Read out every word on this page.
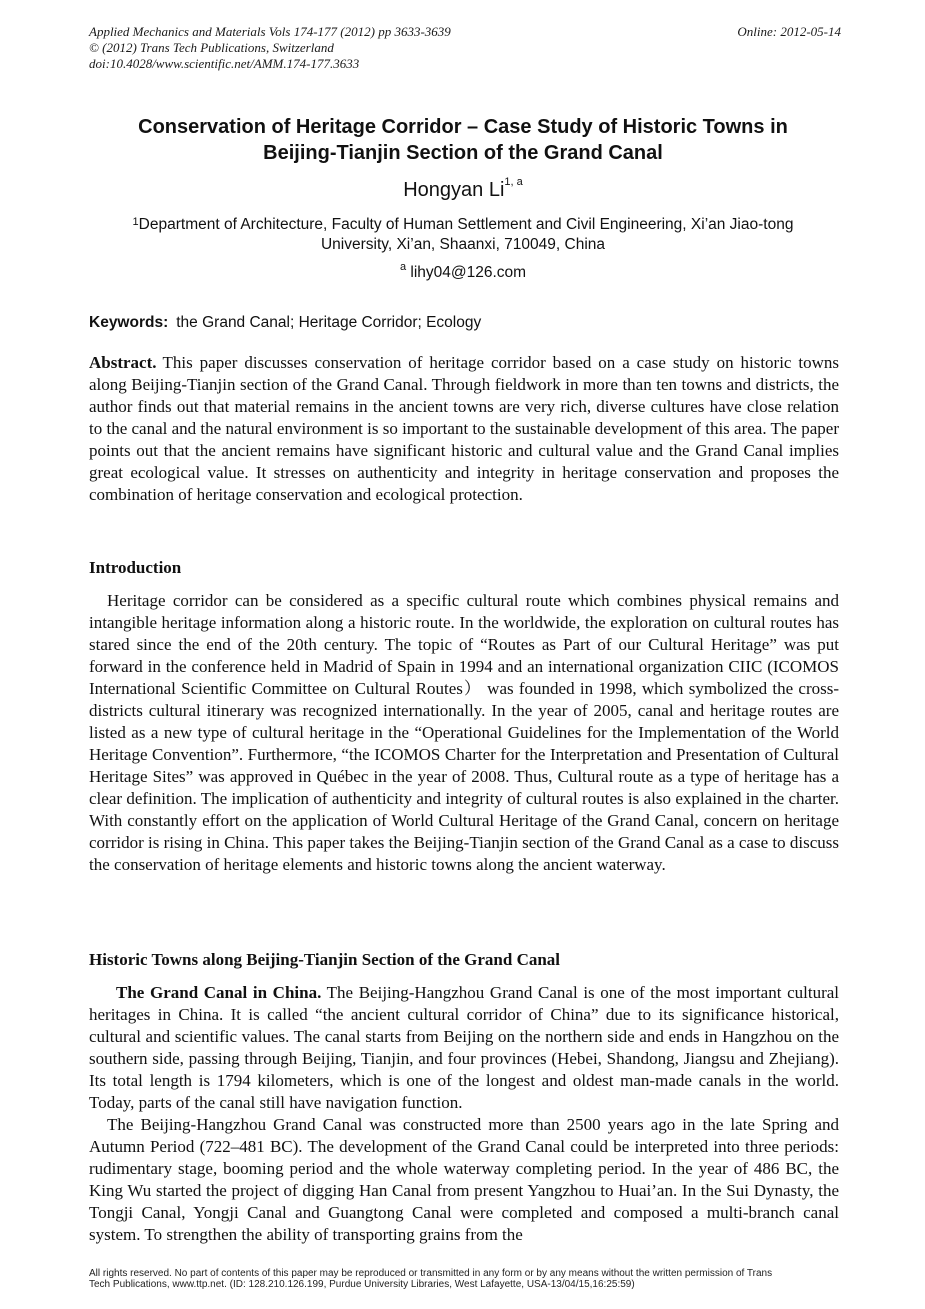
Applied Mechanics and Materials Vols 174-177 (2012) pp 3633-3639	Online: 2012-05-14
© (2012) Trans Tech Publications, Switzerland
doi:10.4028/www.scientific.net/AMM.174-177.3633
Conservation of Heritage Corridor – Case Study of Historic Towns in
Beijing-Tianjin Section of the Grand Canal
Hongyan Li$^{1, a}$
$^1$Department of Architecture, Faculty of Human Settlement and Civil Engineering, Xi’an Jiao-tong
University, Xi’an, Shaanxi, 710049, China
$^a$ lihy04@126.com
Keywords: the Grand Canal; Heritage Corridor; Ecology
Abstract. This paper discusses conservation of heritage corridor based on a case study on historic towns along Beijing-Tianjin section of the Grand Canal. Through fieldwork in more than ten towns and districts, the author finds out that material remains in the ancient towns are very rich, diverse cultures have close relation to the canal and the natural environment is so important to the sustainable development of this area. The paper points out that the ancient remains have significant historic and cultural value and the Grand Canal implies great ecological value. It stresses on authenticity and integrity in heritage conservation and proposes the combination of heritage conservation and ecological protection.
Introduction
Heritage corridor can be considered as a specific cultural route which combines physical remains and intangible heritage information along a historic route. In the worldwide, the exploration on cultural routes has stared since the end of the 20th century. The topic of “Routes as Part of our Cultural Heritage” was put forward in the conference held in Madrid of Spain in 1994 and an international organization CIIC (ICOMOS International Scientific Committee on Cultural Routes） was founded in 1998, which symbolized the cross-districts cultural itinerary was recognized internationally. In the year of 2005, canal and heritage routes are listed as a new type of cultural heritage in the “Operational Guidelines for the Implementation of the World Heritage Convention”. Furthermore, “the ICOMOS Charter for the Interpretation and Presentation of Cultural Heritage Sites” was approved in Québec in the year of 2008. Thus, Cultural route as a type of heritage has a clear definition. The implication of authenticity and integrity of cultural routes is also explained in the charter. With constantly effort on the application of World Cultural Heritage of the Grand Canal, concern on heritage corridor is rising in China. This paper takes the Beijing-Tianjin section of the Grand Canal as a case to discuss the conservation of heritage elements and historic towns along the ancient waterway.
Historic Towns along Beijing-Tianjin Section of the Grand Canal
The Grand Canal in China. The Beijing-Hangzhou Grand Canal is one of the most important cultural heritages in China. It is called “the ancient cultural corridor of China” due to its significance historical, cultural and scientific values. The canal starts from Beijing on the northern side and ends in Hangzhou on the southern side, passing through Beijing, Tianjin, and four provinces (Hebei, Shandong, Jiangsu and Zhejiang). Its total length is 1794 kilometers, which is one of the longest and oldest man-made canals in the world. Today, parts of the canal still have navigation function.
The Beijing-Hangzhou Grand Canal was constructed more than 2500 years ago in the late Spring and Autumn Period (722–481 BC). The development of the Grand Canal could be interpreted into three periods: rudimentary stage, booming period and the whole waterway completing period. In the year of 486 BC, the King Wu started the project of digging Han Canal from present Yangzhou to Huai’an. In the Sui Dynasty, the Tongji Canal, Yongji Canal and Guangtong Canal were completed and composed a multi-branch canal system. To strengthen the ability of transporting grains from the
All rights reserved. No part of contents of this paper may be reproduced or transmitted in any form or by any means without the written permission of Trans
Tech Publications, www.ttp.net. (ID: 128.210.126.199, Purdue University Libraries, West Lafayette, USA-13/04/15,16:25:59)
